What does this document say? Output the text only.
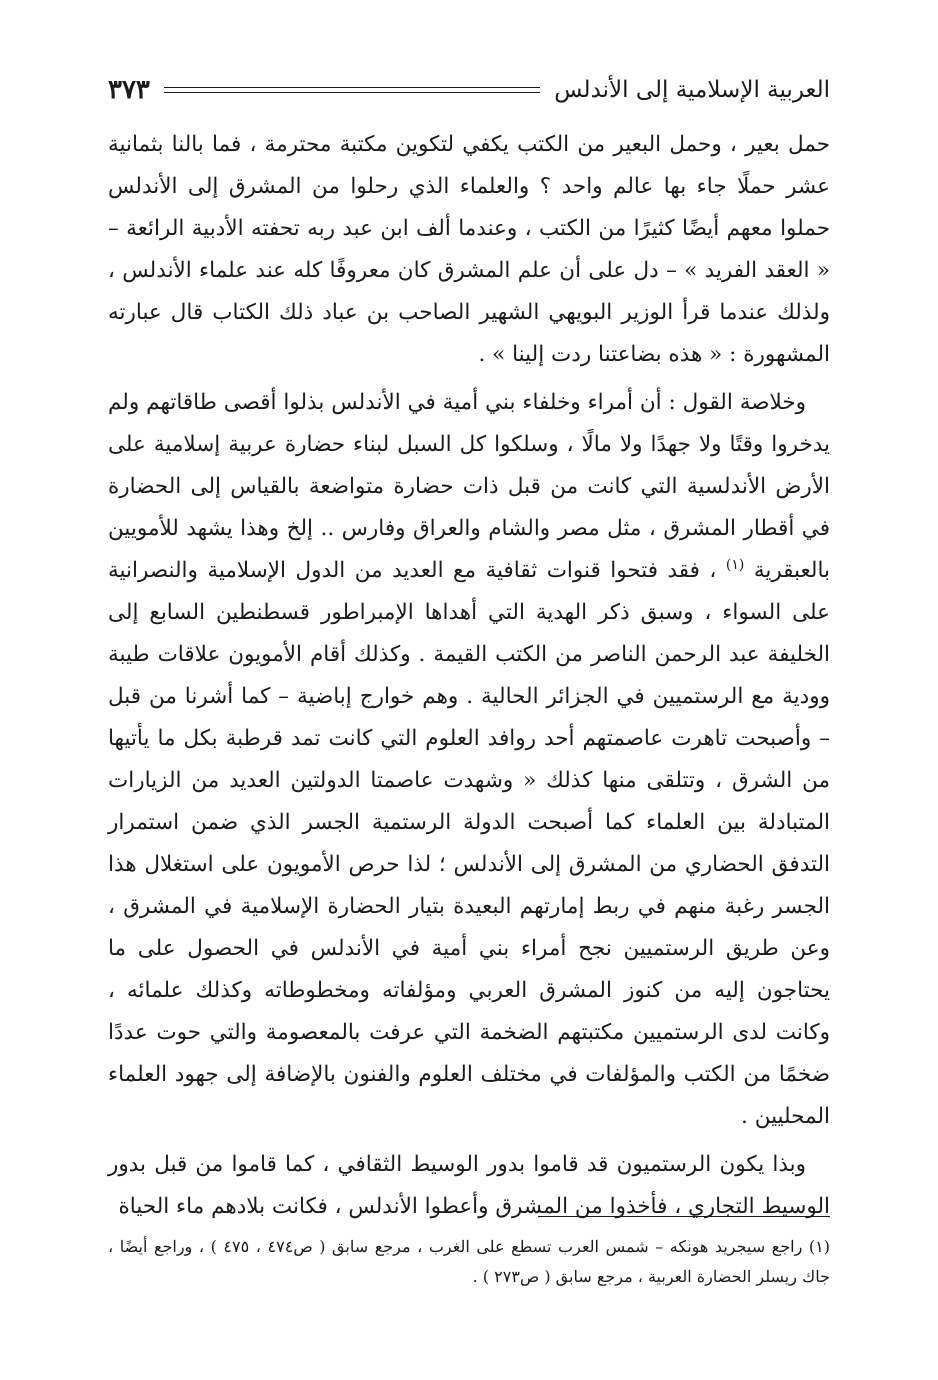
العربية الإسلامية إلى الأندلس
٣٧٣

حمل بعير ، وحمل البعير من الكتب يكفي لتكوين مكتبة محترمة ، فما بالنا بثمانية عشر حملًا جاء بها عالم واحد ؟ والعلماء الذي رحلوا من المشرق إلى الأندلس حملوا معهم أيضًا كثيرًا من الكتب ، وعندما ألف ابن عبد ربه تحفته الأدبية الرائعة – « العقد الفريد » – دل على أن علم المشرق كان معروفًا كله عند علماء الأندلس ، ولذلك عندما قرأ الوزير البويهي الشهير الصاحب بن عباد ذلك الكتاب قال عبارته المشهورة : « هذه بضاعتنا ردت إلينا » .

وخلاصة القول : أن أمراء وخلفاء بني أمية في الأندلس بذلوا أقصى طاقاتهم ولم يدخروا وقتًا ولا جهدًا ولا مالًا ، وسلكوا كل السبل لبناء حضارة عربية إسلامية على الأرض الأندلسية التي كانت من قبل ذات حضارة متواضعة بالقياس إلى الحضارة في أقطار المشرق ، مثل مصر والشام والعراق وفارس .. إلخ وهذا يشهد للأمويين بالعبقرية $^{(١)}$ ، فقد فتحوا قنوات ثقافية مع العديد من الدول الإسلامية والنصرانية على السواء ، وسبق ذكر الهدية التي أهداها الإمبراطور قسطنطين السابع إلى الخليفة عبد الرحمن الناصر من الكتب القيمة . وكذلك أقام الأمويون علاقات طيبة وودية مع الرستميين في الجزائر الحالية . وهم خوارج إباضية – كما أشرنا من قبل – وأصبحت تاهرت عاصمتهم أحد روافد العلوم التي كانت تمد قرطبة بكل ما يأتيها من الشرق ، وتتلقى منها كذلك « وشهدت عاصمتا الدولتين العديد من الزيارات المتبادلة بين العلماء كما أصبحت الدولة الرستمية الجسر الذي ضمن استمرار التدفق الحضاري من المشرق إلى الأندلس ؛ لذا حرص الأمويون على استغلال هذا الجسر رغبة منهم في ربط إمارتهم البعيدة بتيار الحضارة الإسلامية في المشرق ، وعن طريق الرستميين نجح أمراء بني أمية في الأندلس في الحصول على ما يحتاجون إليه من كنوز المشرق العربي ومؤلفاته ومخطوطاته وكذلك علمائه ، وكانت لدى الرستميين مكتبتهم الضخمة التي عرفت بالمعصومة والتي حوت عددًا ضخمًا من الكتب والمؤلفات في مختلف العلوم والفنون بالإضافة إلى جهود العلماء المحليين .

وبذا يكون الرستميون قد قاموا بدور الوسيط الثقافي ، كما قاموا من قبل بدور الوسيط التجاري ، فأخذوا من المشرق وأعطوا الأندلس ، فكانت بلادهم ماء الحياة

(١) راجع سيجريد هونكه – شمس العرب تسطع على الغرب ، مرجع سابق ( ص٤٧٤ ، ٤٧٥ ) ، وراجع أيضًا ، جاك ريسلر الحضارة العربية ، مرجع سابق ( ص٢٧٣ ) .
